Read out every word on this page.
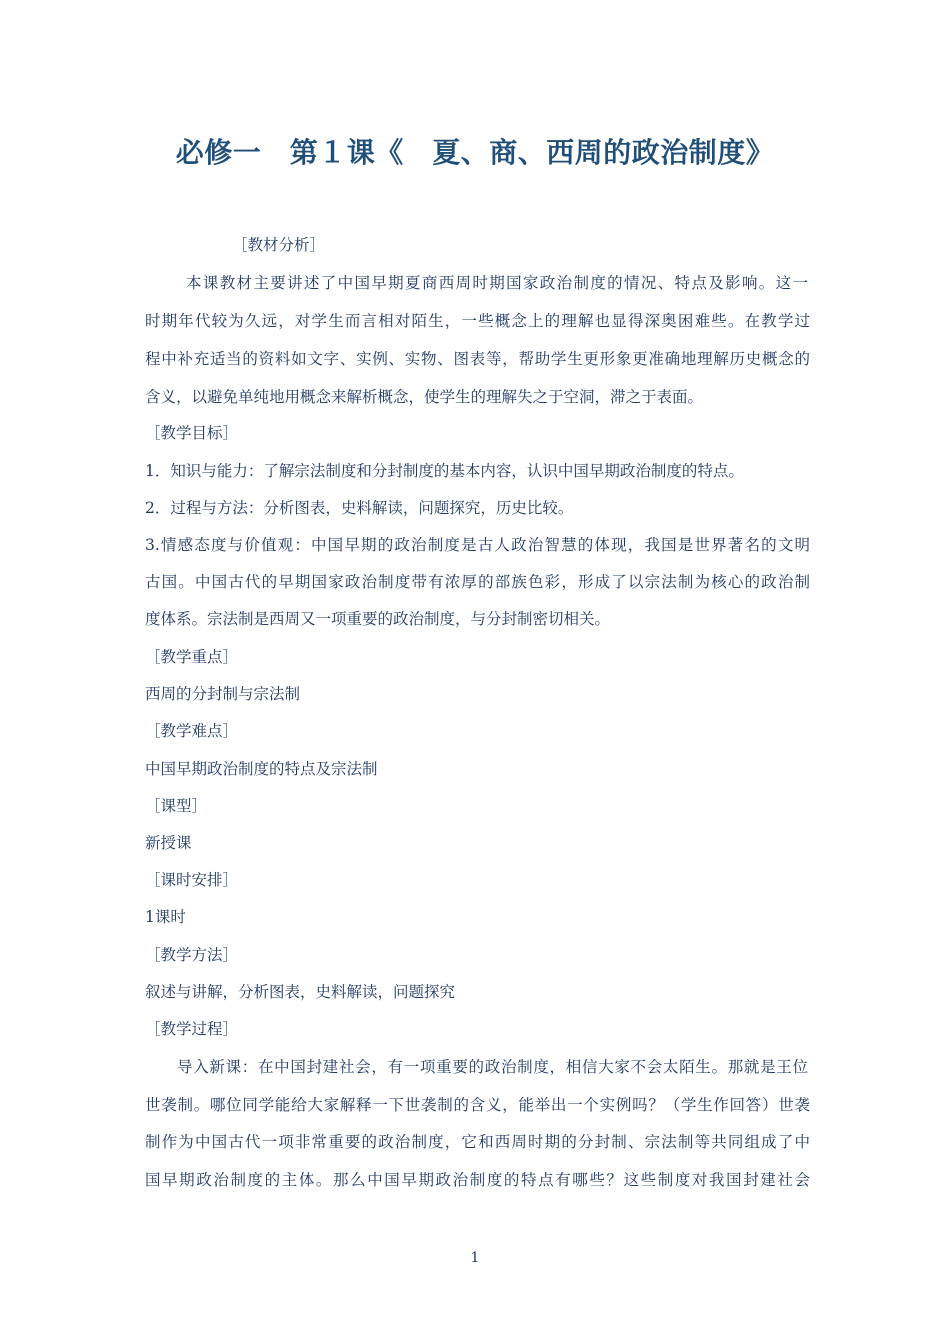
必修一　第１课《　夏、商、西周的政治制度》
［教材分析］
本课教材主要讲述了中国早期夏商西周时期国家政治制度的情况、特点及影响。这一
时期年代较为久远，对学生而言相对陌生，一些概念上的理解也显得深奥困难些。在教学过
程中补充适当的资料如文字、实例、实物、图表等，帮助学生更形象更准确地理解历史概念的
含义，以避免单纯地用概念来解析概念，使学生的理解失之于空洞，滞之于表面。
［教学目标］
1．知识与能力：了解宗法制度和分封制度的基本内容，认识中国早期政治制度的特点。
2．过程与方法：分析图表，史料解读，问题探究，历史比较。
3.情感态度与价值观：中国早期的政治制度是古人政治智慧的体现，我国是世界著名的文明
古国。中国古代的早期国家政治制度带有浓厚的部族色彩，形成了以宗法制为核心的政治制
度体系。宗法制是西周又一项重要的政治制度，与分封制密切相关。
［教学重点］
西周的分封制与宗法制
［教学难点］
中国早期政治制度的特点及宗法制
［课型］
新授课
［课时安排］
1课时
［教学方法］
叙述与讲解，分析图表，史料解读，问题探究
［教学过程］
导入新课：在中国封建社会，有一项重要的政治制度，相信大家不会太陌生。那就是王位
世袭制。哪位同学能给大家解释一下世袭制的含义，能举出一个实例吗？（学生作回答）世袭
制作为中国古代一项非常重要的政治制度，它和西周时期的分封制、宗法制等共同组成了中
国早期政治制度的主体。那么中国早期政治制度的特点有哪些？这些制度对我国封建社会
1
